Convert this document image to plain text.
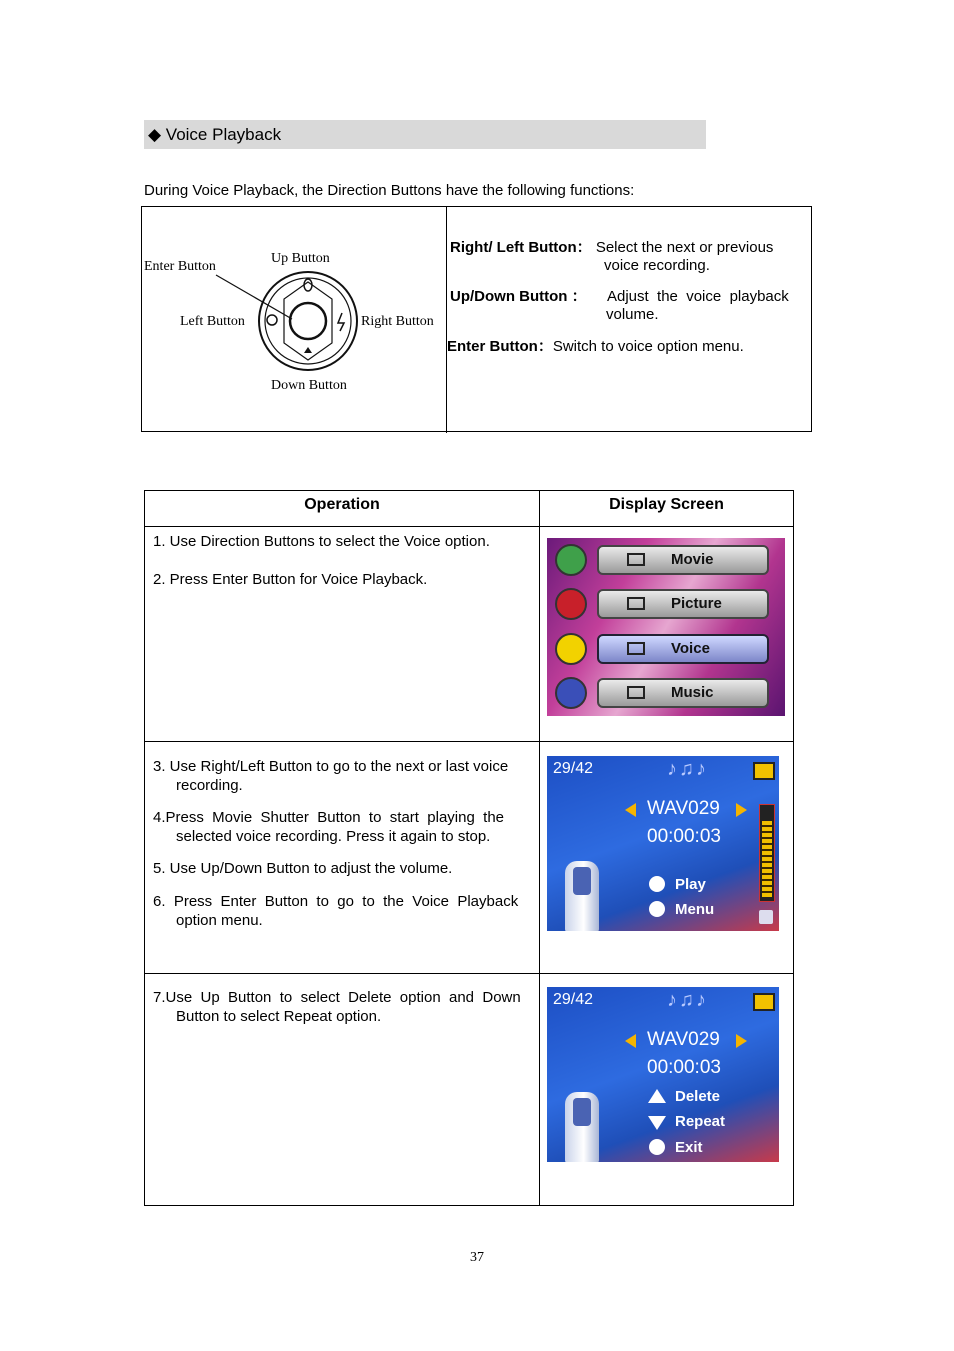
◆ Voice Playback
During Voice Playback, the Direction Buttons have the following functions:
Enter Button
Up Button
Left Button	Right Button
Down Button
Right/ Left Button： Select the next or previous
voice recording.
Up/Down Button ： Adjust  the  voice  playback
volume.
Enter Button：Switch to voice option menu.
Operation	Display Screen
1. Use Direction Buttons to select the Voice option.
2. Press Enter Button for Voice Playback.
3. Use Right/Left Button to go to the next or last voice
recording.
4.Press  Movie  Shutter  Button  to  start  playing  the
selected voice recording. Press it again to stop.
5. Use Up/Down Button to adjust the volume.
6.  Press  Enter  Button  to  go  to  the  Voice  Playback
option menu.
7.Use  Up  Button  to  select  Delete  option  and  Down
Button to select Repeat option.
Movie
Picture
Voice
Music
29/42	♪♫♪
WAV029
00:00:03
Play
Menu
29/42	♪♫♪
WAV029
00:00:03
Delete
Repeat
Exit
37
